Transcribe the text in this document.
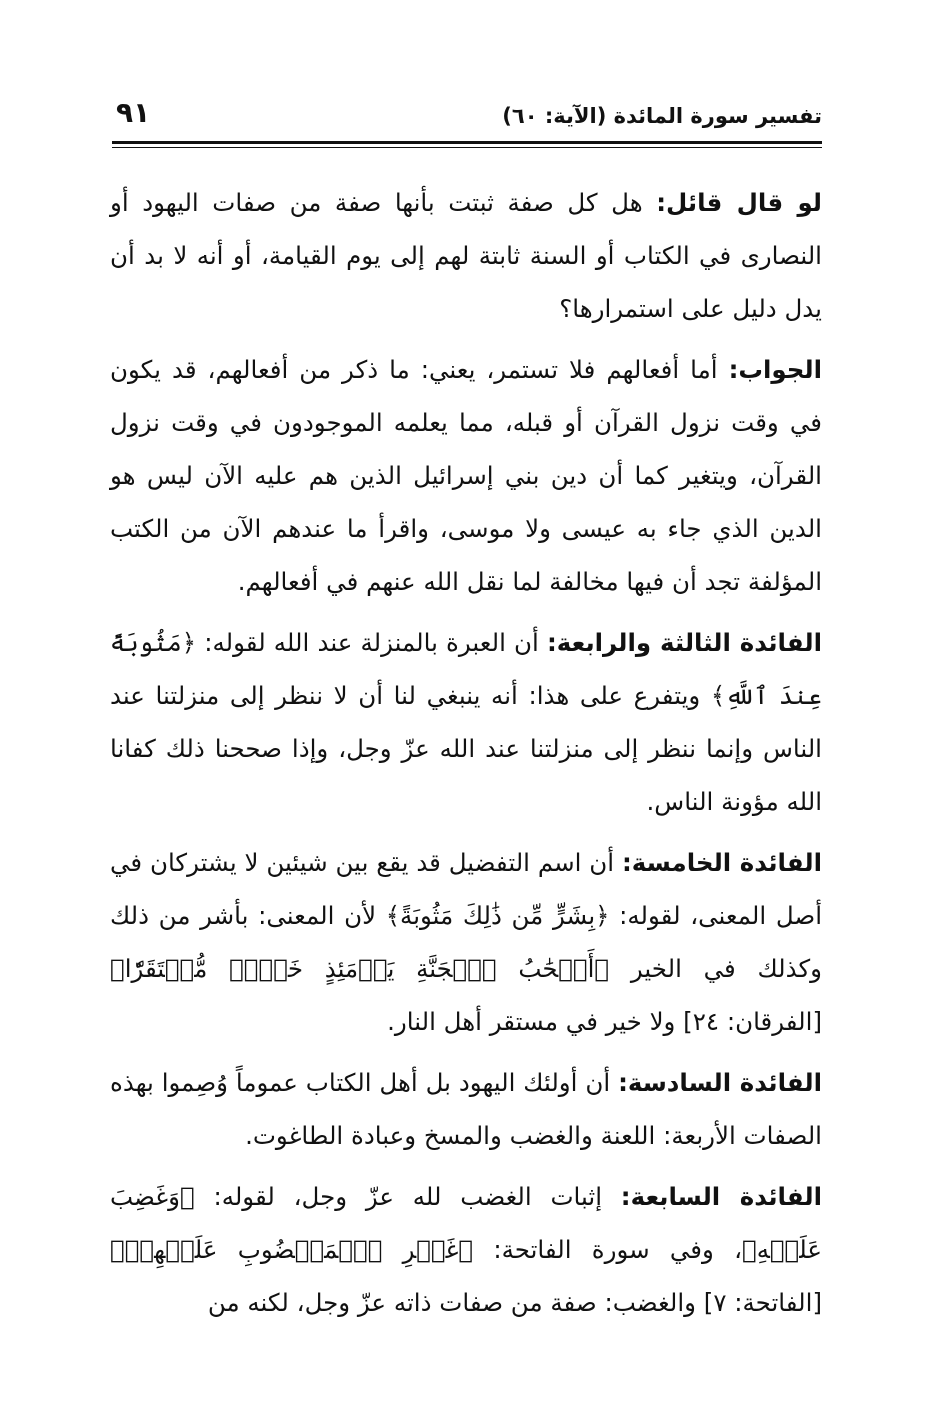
تفسير سورة المائدة (الآية: ٦٠)
٩١

لو قال قائل: هل كل صفة ثبتت بأنها صفة من صفات اليهود أو النصارى في الكتاب أو السنة ثابتة لهم إلى يوم القيامة، أو أنه لا بد أن يدل دليل على استمرارها؟

الجواب: أما أفعالهم فلا تستمر، يعني: ما ذكر من أفعالهم، قد يكون في وقت نزول القرآن أو قبله، مما يعلمه الموجودون في وقت نزول القرآن، ويتغير كما أن دين بني إسرائيل الذين هم عليه الآن ليس هو الدين الذي جاء به عيسى ولا موسى، واقرأ ما عندهم الآن من الكتب المؤلفة تجد أن فيها مخالفة لما نقل الله عنهم في أفعالهم.

الفائدة الثالثة والرابعة: أن العبرة بالمنزلة عند الله لقوله: ﴿مَثُوبَةً عِندَ ٱللَّهِ﴾ ويتفرع على هذا: أنه ينبغي لنا أن لا ننظر إلى منزلتنا عند الناس وإنما ننظر إلى منزلتنا عند الله عزّ وجل، وإذا صححنا ذلك كفانا الله مؤونة الناس.

الفائدة الخامسة: أن اسم التفضيل قد يقع بين شيئين لا يشتركان في أصل المعنى، لقوله: ﴿بِشَرٍّ مِّن ذَٰلِكَ مَثُوبَةً﴾ لأن المعنى: بأشر من ذلك وكذلك في الخير ﴿أَصۡحَٰبُ ٱلۡجَنَّةِ يَوۡمَئِذٍ خَيۡرٞ مُّسۡتَقَرّٗا﴾ [الفرقان: ٢٤] ولا خير في مستقر أهل النار.

الفائدة السادسة: أن أولئك اليهود بل أهل الكتاب عموماً وُصِموا بهذه الصفات الأربعة: اللعنة والغضب والمسخ وعبادة الطاغوت.

الفائدة السابعة: إثبات الغضب لله عزّ وجل، لقوله: ﴿وَغَضِبَ عَلَيۡهِ﴾، وفي سورة الفاتحة: ﴿غَيۡرِ ٱلۡمَغۡضُوبِ عَلَيۡهِمۡ﴾ [الفاتحة: ٧] والغضب: صفة من صفات ذاته عزّ وجل، لكنه من
